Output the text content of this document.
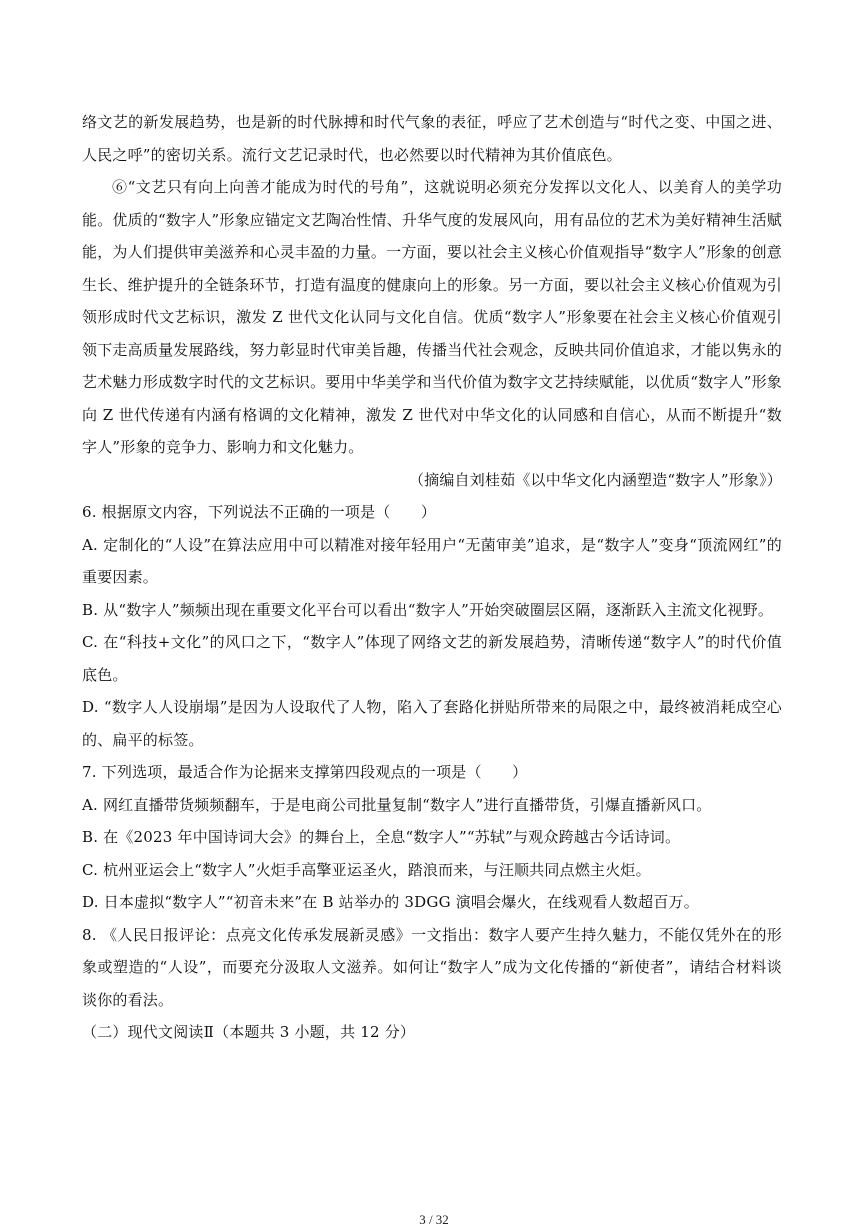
络文艺的新发展趋势，也是新的时代脉搏和时代气象的表征，呼应了艺术创造与“时代之变、中国之进、人民之呼”的密切关系。流行文艺记录时代，也必然要以时代精神为其价值底色。

⑥“文艺只有向上向善才能成为时代的号角”，这就说明必须充分发挥以文化人、以美育人的美学功能。优质的“数字人”形象应锚定文艺陶冶性情、升华气度的发展风向，用有品位的艺术为美好精神生活赋能，为人们提供审美滋养和心灵丰盈的力量。一方面，要以社会主义核心价值观指导“数字人”形象的创意生长、维护提升的全链条环节，打造有温度的健康向上的形象。另一方面，要以社会主义核心价值观为引领形成时代文艺标识，激发 Z 世代文化认同与文化自信。优质“数字人”形象要在社会主义核心价值观引领下走高质量发展路线，努力彰显时代审美旨趣，传播当代社会观念，反映共同价值追求，才能以隽永的艺术魅力形成数字时代的文艺标识。要用中华美学和当代价值为数字文艺持续赋能，以优质“数字人”形象向 Z 世代传递有内涵有格调的文化精神，激发 Z 世代对中华文化的认同感和自信心，从而不断提升“数字人”形象的竞争力、影响力和文化魅力。

（摘编自刘桂茹《以中华文化内涵塑造“数字人”形象》）

6. 根据原文内容，下列说法不正确的一项是（　　）

A. 定制化的“人设”在算法应用中可以精准对接年轻用户“无菌审美”追求，是“数字人”变身“顶流网红”的重要因素。

B. 从“数字人”频频出现在重要文化平台可以看出“数字人”开始突破圈层区隔，逐渐跃入主流文化视野。

C. 在“科技+文化”的风口之下，“数字人”体现了网络文艺的新发展趋势，清晰传递“数字人”的时代价值底色。

D. “数字人人设崩塌”是因为人设取代了人物，陷入了套路化拼贴所带来的局限之中，最终被消耗成空心的、扁平的标签。

7. 下列选项，最适合作为论据来支撑第四段观点的一项是（　　）

A. 网红直播带货频频翻车，于是电商公司批量复制“数字人”进行直播带货，引爆直播新风口。

B. 在《2023 年中国诗词大会》的舞台上，全息“数字人”“苏轼”与观众跨越古今话诗词。

C. 杭州亚运会上“数字人”火炬手高擎亚运圣火，踏浪而来，与汪顺共同点燃主火炬。

D. 日本虚拟“数字人”“初音未来”在 B 站举办的 3DGG 演唱会爆火，在线观看人数超百万。

8. 《人民日报评论：点亮文化传承发展新灵感》一文指出：数字人要产生持久魅力，不能仅凭外在的形象或塑造的“人设”，而要充分汲取人文滋养。如何让“数字人”成为文化传播的“新使者”，请结合材料谈谈你的看法。

（二）现代文阅读Ⅱ（本题共 3 小题，共 12 分）

3 / 32
